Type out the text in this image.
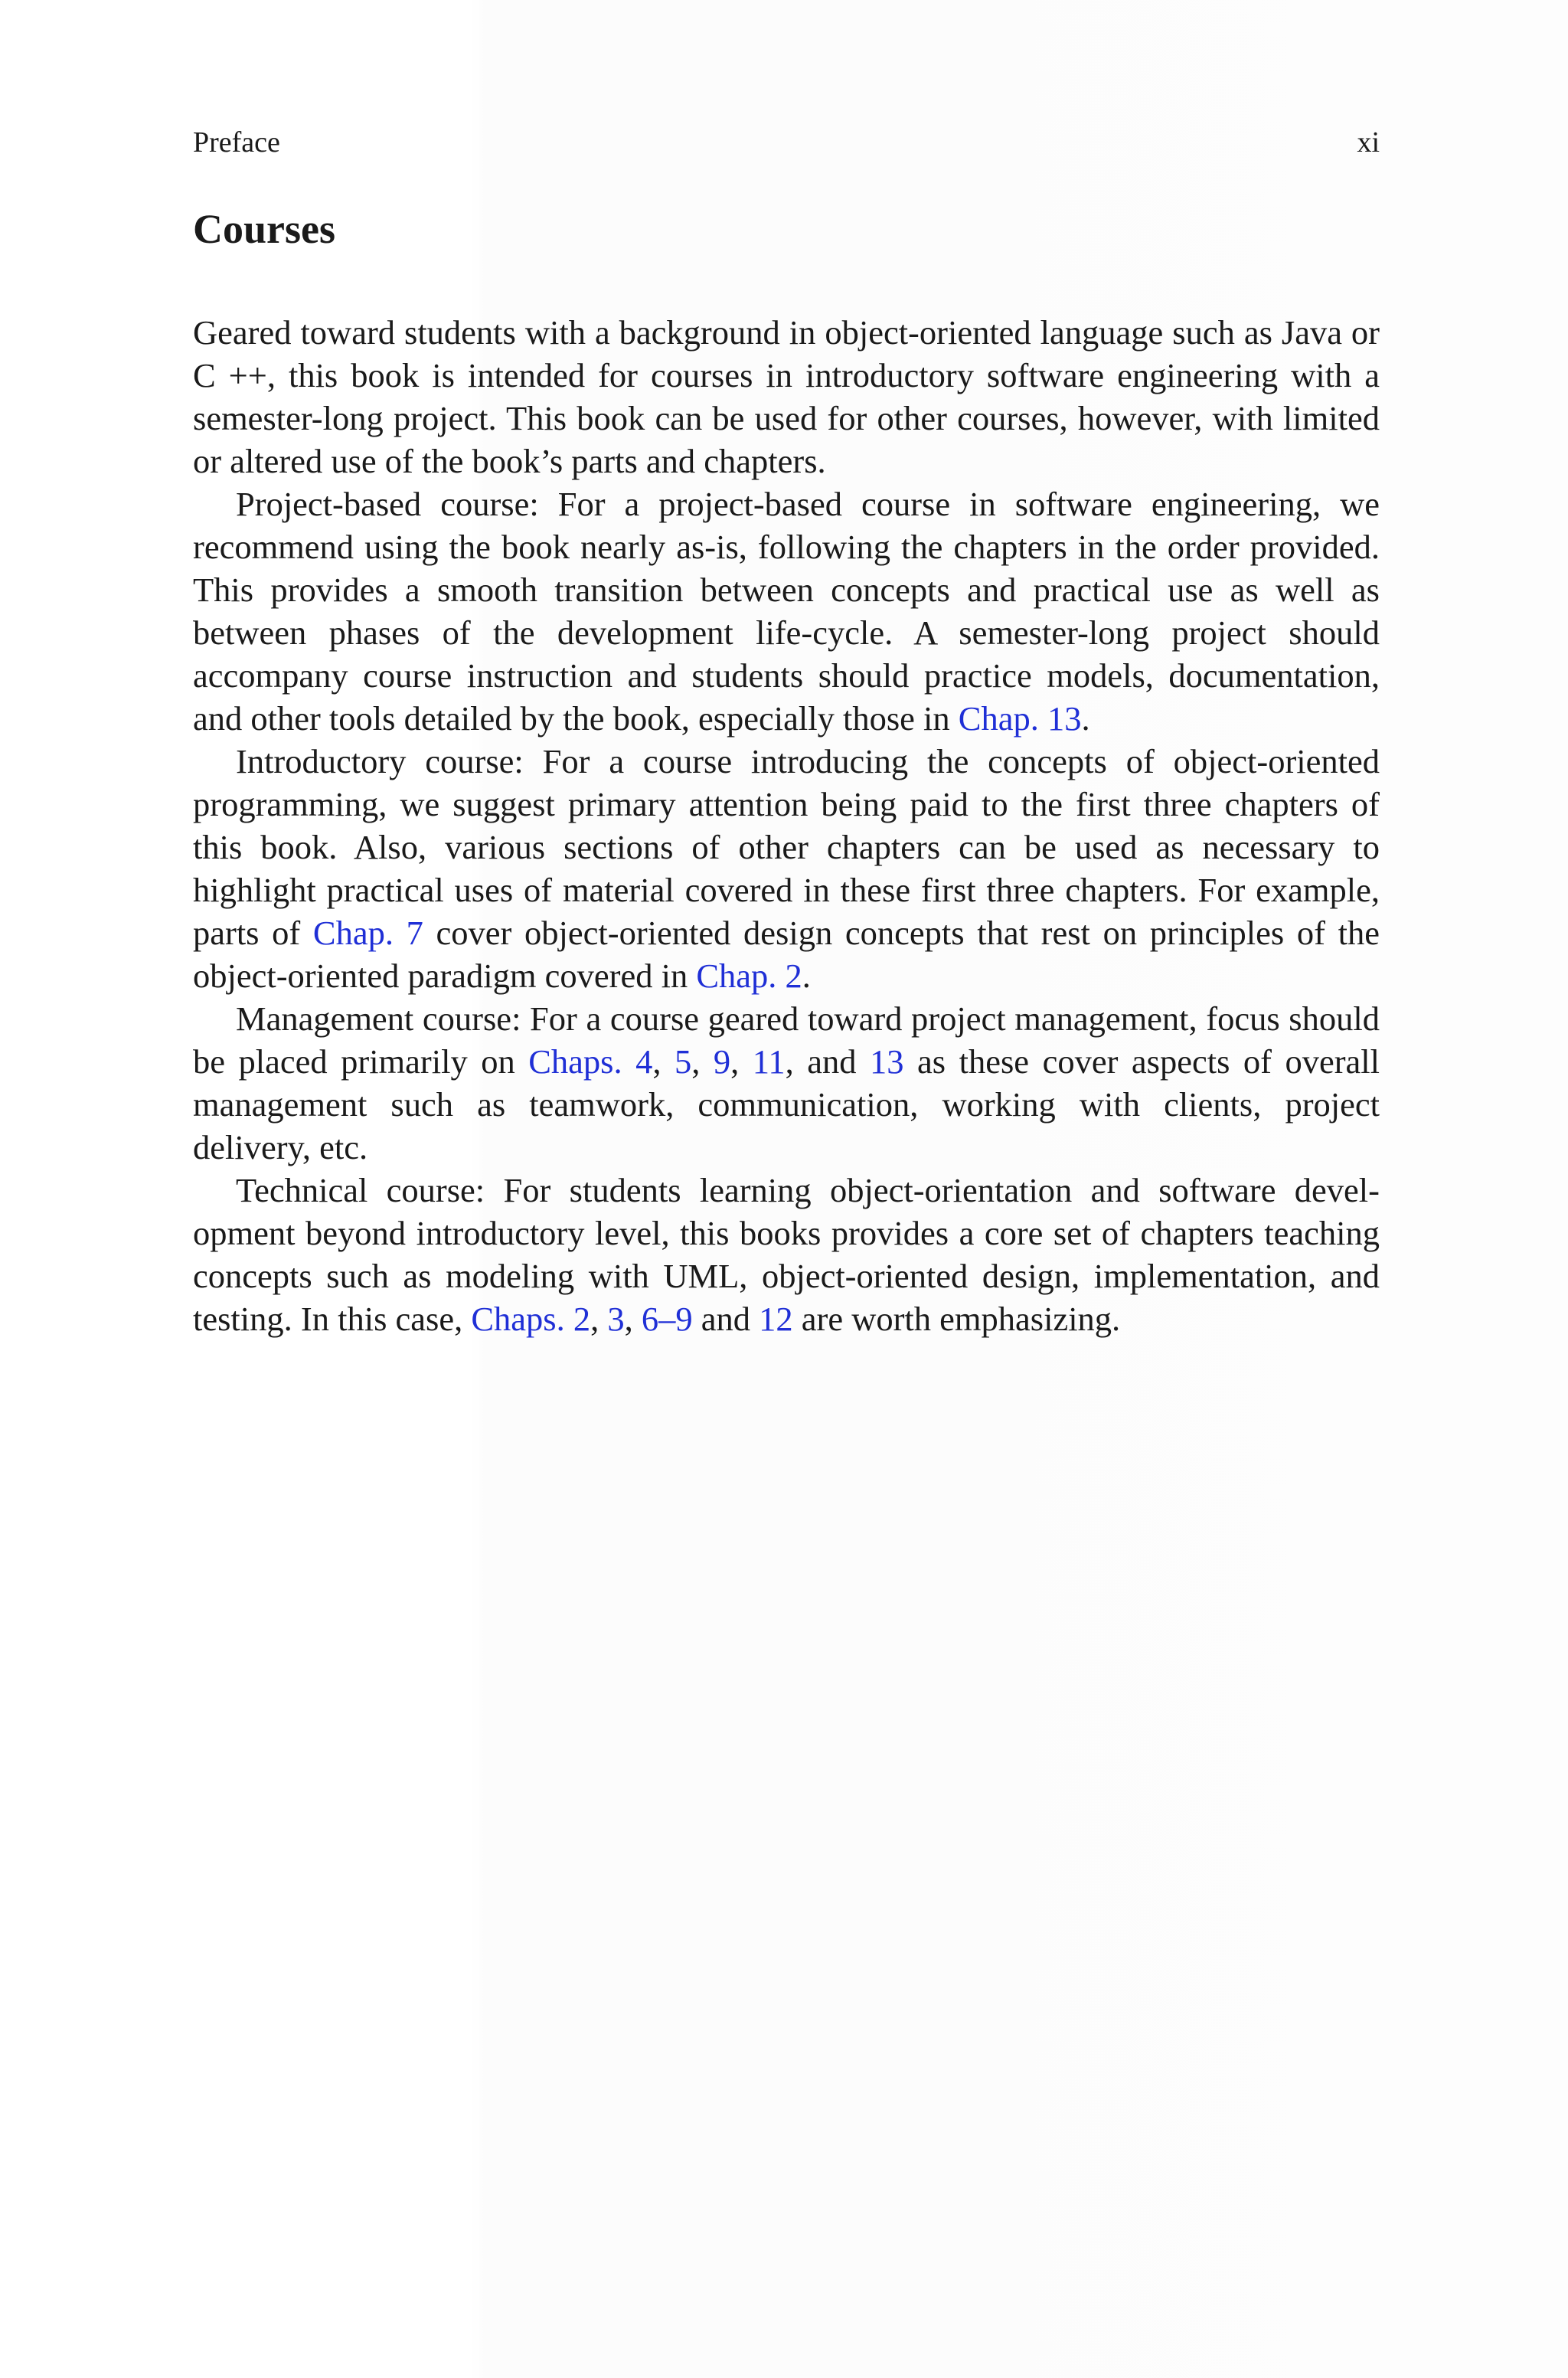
Preface	xi
Courses

Geared toward students with a background in object-oriented language such as Java or C ++, this book is intended for courses in introductory software engineering with a semester-long project. This book can be used for other courses, however, with limited or altered use of the book’s parts and chapters.

Project-based course: For a project-based course in software engineering, we recommend using the book nearly as-is, following the chapters in the order provided. This provides a smooth transition between concepts and practical use as well as between phases of the development life-cycle. A semester-long project should accompany course instruction and students should practice models, documentation, and other tools detailed by the book, especially those in Chap. 13.

Introductory course: For a course introducing the concepts of object-oriented programming, we suggest primary attention being paid to the first three chapters of this book. Also, various sections of other chapters can be used as necessary to highlight practical uses of material covered in these first three chapters. For example, parts of Chap. 7 cover object-oriented design concepts that rest on principles of the object-oriented paradigm covered in Chap. 2.

Management course: For a course geared toward project management, focus should be placed primarily on Chaps. 4, 5, 9, 11, and 13 as these cover aspects of overall management such as teamwork, communication, working with clients, project delivery, etc.

Technical course: For students learning object-orientation and software development beyond introductory level, this books provides a core set of chapters teaching concepts such as modeling with UML, object-oriented design, implementation, and testing. In this case, Chaps. 2, 3, 6–9 and 12 are worth emphasizing.
